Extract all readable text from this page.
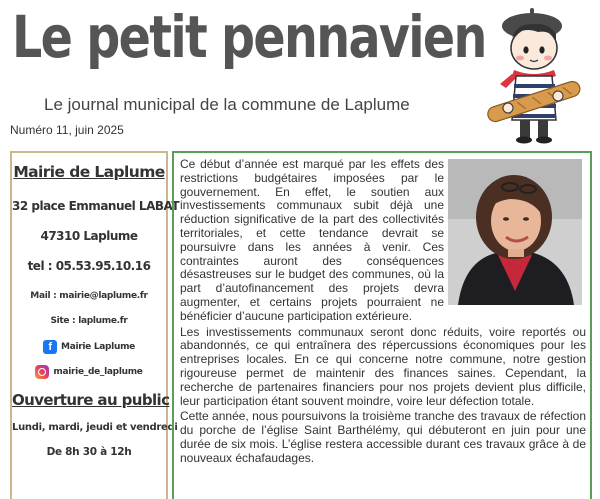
Le petit pennavien
Le journal municipal de la commune de Laplume
Numéro 11, juin 2025
Mairie de Laplume
32 place Emmanuel LABAT
47310 Laplume
tel : 05.53.95.10.16
Mail : mairie@laplume.fr
Site : laplume.fr
f	Mairie Laplume
mairie_de_laplume
Ouverture au public
Lundi, mardi, jeudi et vendredi
De 8h 30 à 12h

Ce début d’année est marqué par les effets des restrictions budgétaires imposées par le gouvernement. En effet, le soutien aux investissements communaux subit déjà une réduction significative de la part des collectivités territoriales, et cette tendance devrait se poursuivre dans les années à venir. Ces contraintes auront des conséquences désastreuses sur le budget des communes, où la part d’autofinancement des projets devra augmenter, et certains projets pourraient ne bénéficier d’aucune participation extérieure.

Les investissements communaux seront donc réduits, voire reportés ou abandonnés, ce qui entraînera des répercussions économiques pour les entreprises locales. En ce qui concerne notre commune, notre gestion rigoureuse permet de maintenir des finances saines. Cependant, la recherche de partenaires financiers pour nos projets devient plus difficile, leur participation étant souvent moindre, voire leur défection totale.

Cette année, nous poursuivons la troisième tranche des travaux de réfection du porche de l’église Saint Barthélémy, qui débuteront en juin pour une durée de six mois. L’église restera accessible durant ces travaux grâce à de nouveaux échafaudages.
